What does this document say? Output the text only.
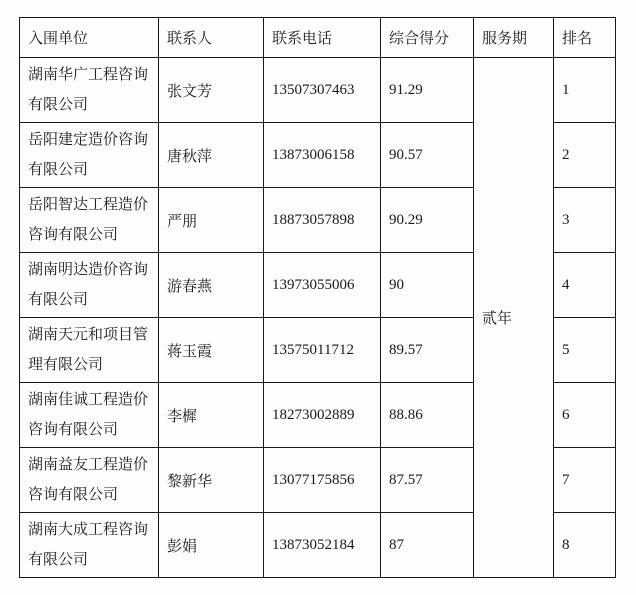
入围单位	联系人	联系电话	综合得分	服务期	排名
湖南华广工程咨询有限公司	张文芳	13507307463	91.29	贰年	1
岳阳建定造价咨询有限公司	唐秋萍	13873006158	90.57		2
岳阳智达工程造价咨询有限公司	严朋	18873057898	90.29		3
湖南明达造价咨询有限公司	游春燕	13973055006	90		4
湖南天元和项目管理有限公司	蒋玉霞	13575011712	89.57		5
湖南佳诚工程造价咨询有限公司	李樨	18273002889	88.86		6
湖南益友工程造价咨询有限公司	黎新华	13077175856	87.57		7
湖南大成工程咨询有限公司	彭娟	13873052184	87		8
